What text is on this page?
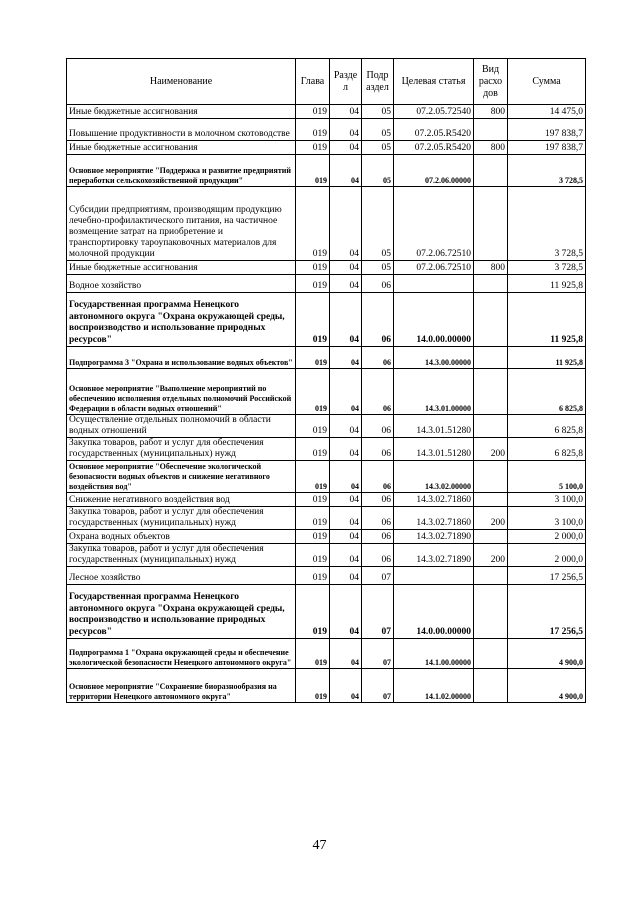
Наименование	Глава	Разде л	Подр аздел	Целевая статья	Вид расхо дов	Сумма
Иные бюджетные ассигнования	019	04	05	07.2.05.72540	800	14 475,0
Повышение продуктивности в молочном скотоводстве	019	04	05	07.2.05.R5420		197 838,7
Иные бюджетные ассигнования	019	04	05	07.2.05.R5420	800	197 838,7
Основное мероприятие "Поддержка и развитие предприятий переработки сельскохозяйственной продукции"	019	04	05	07.2.06.00000		3 728,5
Субсидии предприятиям, производящим продукцию лечебно-профилактического питания, на частичное возмещение затрат на приобретение и транспортировку тароупаковочных материалов для молочной продукции	019	04	05	07.2.06.72510		3 728,5
Иные бюджетные ассигнования	019	04	05	07.2.06.72510	800	3 728,5
Водное хозяйство	019	04	06			11 925,8
Государственная программа Ненецкого автономного округа "Охрана окружающей среды, воспроизводство и использование природных ресурсов"	019	04	06	14.0.00.00000		11 925,8
Подпрограмма 3 "Охрана и использование водных объектов"	019	04	06	14.3.00.00000		11 925,8
Основное мероприятие "Выполнение мероприятий по обеспечению исполнения отдельных полномочий Российской Федерации в области водных отношений"	019	04	06	14.3.01.00000		6 825,8
Осуществление отдельных полномочий в области водных отношений	019	04	06	14.3.01.51280		6 825,8
Закупка товаров, работ и услуг для обеспечения государственных (муниципальных) нужд	019	04	06	14.3.01.51280	200	6 825,8
Основное мероприятие "Обеспечение экологической безопасности водных объектов и снижение негативного воздействия вод"	019	04	06	14.3.02.00000		5 100,0
Снижение негативного воздействия вод	019	04	06	14.3.02.71860		3 100,0
Закупка товаров, работ и услуг для обеспечения государственных (муниципальных) нужд	019	04	06	14.3.02.71860	200	3 100,0
Охрана водных объектов	019	04	06	14.3.02.71890		2 000,0
Закупка товаров, работ и услуг для обеспечения государственных (муниципальных) нужд	019	04	06	14.3.02.71890	200	2 000,0
Лесное хозяйство	019	04	07			17 256,5
Государственная программа Ненецкого автономного округа "Охрана окружающей среды, воспроизводство и использование природных ресурсов"	019	04	07	14.0.00.00000		17 256,5
Подпрограмма 1 "Охрана окружающей среды и обеспечение экологической безопасности Ненецкого автономного округа"	019	04	07	14.1.00.00000		4 900,0
Основное мероприятие "Сохранение биоразнообразия на территории Ненецкого автономного округа"	019	04	07	14.1.02.00000		4 900,0
47
